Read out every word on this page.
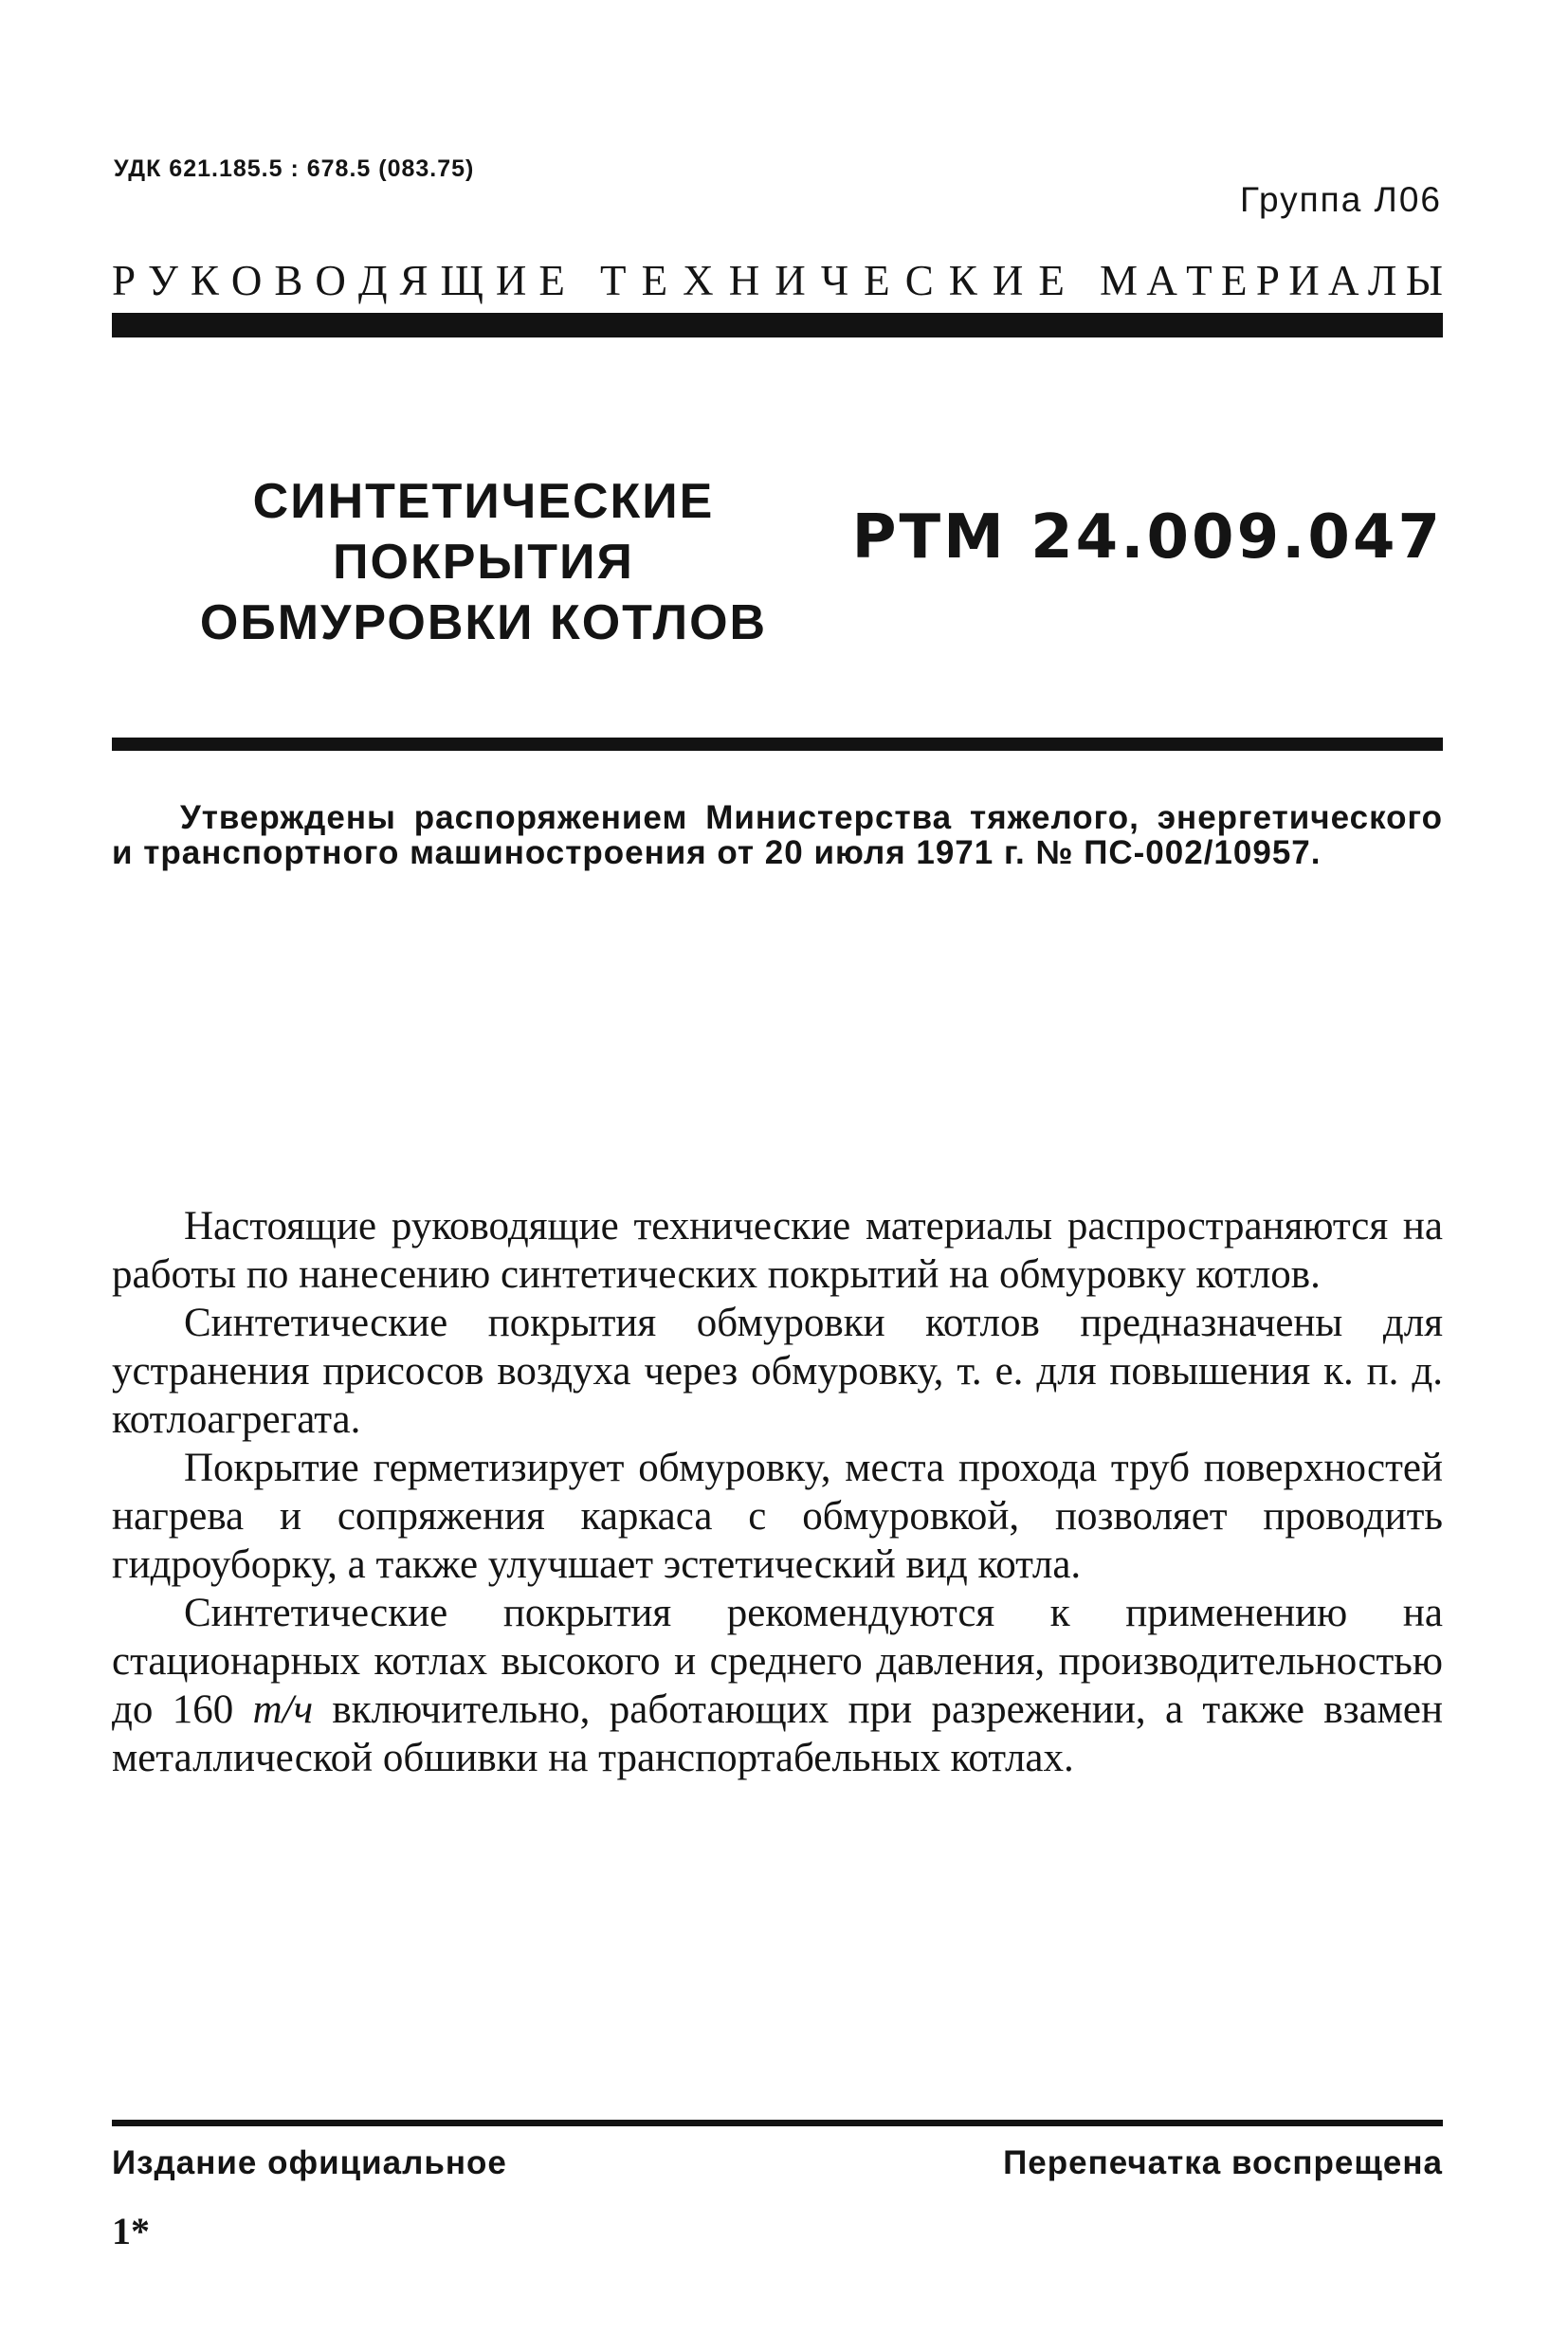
УДК 621.185.5 : 678.5 (083.75)
Группа Л06
Р У К О В О Д Я Щ И Е Т Е Х Н И Ч Е С К И Е М А Т Е Р И А Л Ы
СИНТЕТИЧЕСКИЕ ПОКРЫТИЯ
ОБМУРОВКИ КОТЛОВ
РТМ 24.009.047

Утверждены распоряжением Министерства тяжелого, энергетического и транспортного машиностроения от 20 июля 1971 г. № ПС-002/10957.

Настоящие руководящие технические материалы распространяются на работы по нанесению синтетических покрытий на обмуровку котлов.

Синтетические покрытия обмуровки котлов предназначены для устранения присосов воздуха через обмуровку, т. е. для повышения к. п. д. котлоагрегата.

Покрытие герметизирует обмуровку, места прохода труб поверхностей нагрева и сопряжения каркаса с обмуровкой, позволяет проводить гидроуборку, а также улучшает эстетический вид котла.

Синтетические покрытия рекомендуются к применению на стационарных котлах высокого и среднего давления, производительностью до 160 т/ч включительно, работающих при разрежении, а также взамен металлической обшивки на транспортабельных котлах.

Издание официальное	Перепечатка воспрещена
1*
